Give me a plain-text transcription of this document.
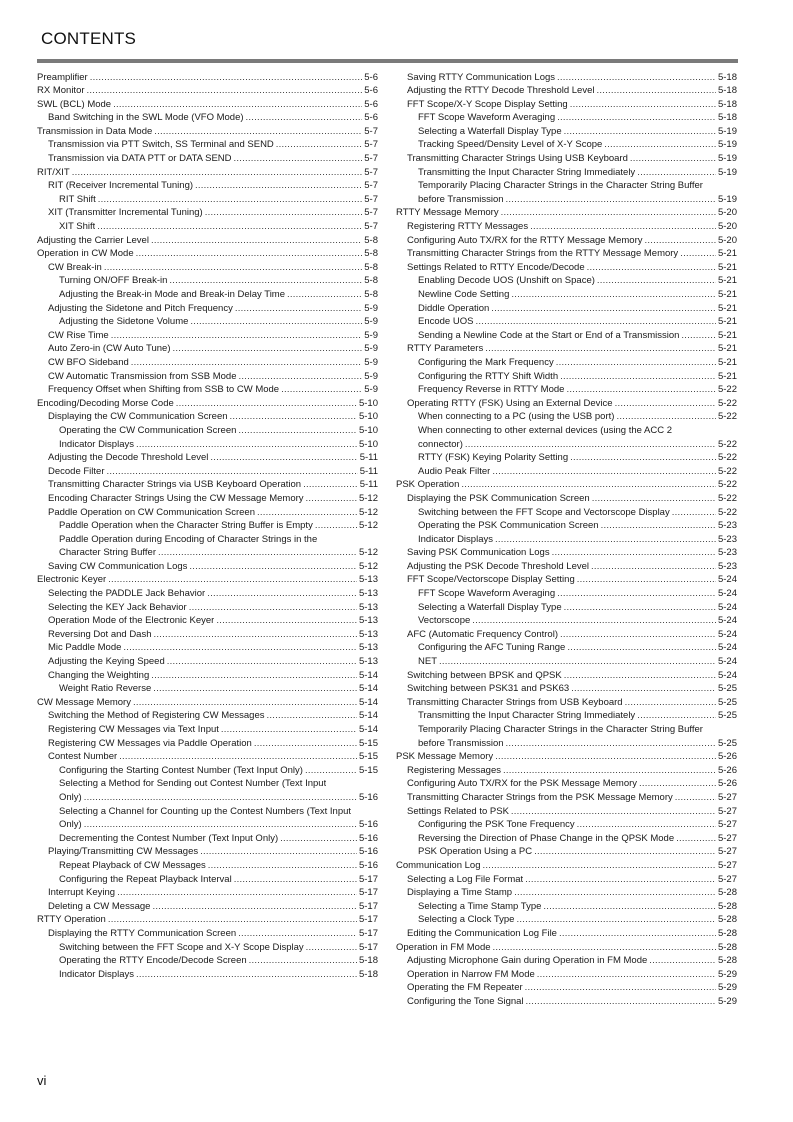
CONTENTS
Preamplifier . . .	5-6
RX Monitor . . .	5-6
SWL (BCL) Mode . . .	5-6
Band Switching in the SWL Mode (VFO Mode) . . .	5-6
Transmission in Data Mode . . .	5-7
Transmission via PTT Switch, SS Terminal and SEND . . .	5-7
Transmission via DATA PTT or DATA SEND . . .	5-7
RIT/XIT . . .	5-7
RIT (Receiver Incremental Tuning) . . .	5-7
RIT Shift . . .	5-7
XIT (Transmitter Incremental Tuning) . . .	5-7
XIT Shift . . .	5-7
Adjusting the Carrier Level . . .	5-8
Operation in CW Mode . . .	5-8
CW Break-in . . .	5-8
Turning ON/OFF Break-in . . .	5-8
Adjusting the Break-in Mode and Break-in Delay Time . . .	5-8
Adjusting the Sidetone and Pitch Frequency . . .	5-9
Adjusting the Sidetone Volume . . .	5-9
CW Rise Time . . .	5-9
Auto Zero-in (CW Auto Tune) . . .	5-9
CW BFO Sideband . . .	5-9
CW Automatic Transmission from SSB Mode . . .	5-9
Frequency Offset when Shifting from SSB to CW Mode . . .	5-9
Encoding/Decoding Morse Code . . .	5-10
Displaying the CW Communication Screen . . .	5-10
Operating the CW Communication Screen . . .	5-10
Indicator Displays . . .	5-10
Adjusting the Decode Threshold Level . . .	5-11
Decode Filter . . .	5-11
Transmitting Character Strings via USB Keyboard Operation . . .	5-11
Encoding Character Strings Using the CW Message Memory . . .	5-12
Paddle Operation on CW Communication Screen . . .	5-12
Paddle Operation when the Character String Buffer is Empty . . .	5-12
Paddle Operation during Encoding of Character Strings in the
Character String Buffer . . .	5-12
Saving CW Communication Logs . . .	5-12
Electronic Keyer . . .	5-13
Selecting the PADDLE Jack Behavior . . .	5-13
Selecting the KEY Jack Behavior . . .	5-13
Operation Mode of the Electronic Keyer . . .	5-13
Reversing Dot and Dash . . .	5-13
Mic Paddle Mode . . .	5-13
Adjusting the Keying Speed . . .	5-13
Changing the Weighting . . .	5-14
Weight Ratio Reverse . . .	5-14
CW Message Memory . . .	5-14
Switching the Method of Registering CW Messages . . .	5-14
Registering CW Messages via Text Input . . .	5-14
Registering CW Messages via Paddle Operation . . .	5-15
Contest Number . . .	5-15
Configuring the Starting Contest Number (Text Input Only) . . .	5-15
Selecting a Method for Sending out Contest Number (Text Input
Only) . . .	5-16
Selecting a Channel for Counting up the Contest Numbers (Text Input
Only) . . .	5-16
Decrementing the Contest Number (Text Input Only) . . .	5-16
Playing/Transmitting CW Messages . . .	5-16
Repeat Playback of CW Messages . . .	5-16
Configuring the Repeat Playback Interval . . .	5-17
Interrupt Keying . . .	5-17
Deleting a CW Message . . .	5-17
RTTY Operation . . .	5-17
Displaying the RTTY Communication Screen . . .	5-17
Switching between the FFT Scope and X-Y Scope Display . . .	5-17
Operating the RTTY Encode/Decode Screen . . .	5-18
Indicator Displays . . .	5-18
Saving RTTY Communication Logs . . .	5-18
Adjusting the RTTY Decode Threshold Level . . .	5-18
FFT Scope/X-Y Scope Display Setting . . .	5-18
FFT Scope Waveform Averaging . . .	5-18
Selecting a Waterfall Display Type . . .	5-19
Tracking Speed/Density Level of X-Y Scope . . .	5-19
Transmitting Character Strings Using USB Keyboard . . .	5-19
Transmitting the Input Character String Immediately . . .	5-19
Temporarily Placing Character Strings in the Character String Buffer
before Transmission . . .	5-19
RTTY Message Memory . . .	5-20
Registering RTTY Messages . . .	5-20
Configuring Auto TX/RX for the RTTY Message Memory . . .	5-20
Transmitting Character Strings from the RTTY Message Memory . . .	5-21
Settings Related to RTTY Encode/Decode . . .	5-21
Enabling Decode UOS (Unshift on Space) . . .	5-21
Newline Code Setting . . .	5-21
Diddle Operation . . .	5-21
Encode UOS . . .	5-21
Sending a Newline Code at the Start or End of a Transmission . . .	5-21
RTTY Parameters . . .	5-21
Configuring the Mark Frequency . . .	5-21
Configuring the RTTY Shift Width . . .	5-21
Frequency Reverse in RTTY Mode . . .	5-22
Operating RTTY (FSK) Using an External Device . . .	5-22
When connecting to a PC (using the USB port) . . .	5-22
When connecting to other external devices (using the ACC 2
connector) . . .	5-22
RTTY (FSK) Keying Polarity Setting . . .	5-22
Audio Peak Filter . . .	5-22
PSK Operation . . .	5-22
Displaying the PSK Communication Screen . . .	5-22
Switching between the FFT Scope and Vectorscope Display . . .	5-22
Operating the PSK Communication Screen . . .	5-23
Indicator Displays . . .	5-23
Saving PSK Communication Logs . . .	5-23
Adjusting the PSK Decode Threshold Level . . .	5-23
FFT Scope/Vectorscope Display Setting . . .	5-24
FFT Scope Waveform Averaging . . .	5-24
Selecting a Waterfall Display Type . . .	5-24
Vectorscope . . .	5-24
AFC (Automatic Frequency Control) . . .	5-24
Configuring the AFC Tuning Range . . .	5-24
NET . . .	5-24
Switching between BPSK and QPSK . . .	5-24
Switching between PSK31 and PSK63 . . .	5-25
Transmitting Character Strings from USB Keyboard . . .	5-25
Transmitting the Input Character String Immediately . . .	5-25
Temporarily Placing Character Strings in the Character String Buffer
before Transmission . . .	5-25
PSK Message Memory . . .	5-26
Registering Messages . . .	5-26
Configuring Auto TX/RX for the PSK Message Memory . . .	5-26
Transmitting Character Strings from the PSK Message Memory . . .	5-27
Settings Related to PSK . . .	5-27
Configuring the PSK Tone Frequency . . .	5-27
Reversing the Direction of Phase Change in the QPSK Mode . . .	5-27
PSK Operation Using a PC . . .	5-27
Communication Log . . .	5-27
Selecting a Log File Format . . .	5-27
Displaying a Time Stamp . . .	5-28
Selecting a Time Stamp Type . . .	5-28
Selecting a Clock Type . . .	5-28
Editing the Communication Log File . . .	5-28
Operation in FM Mode . . .	5-28
Adjusting Microphone Gain during Operation in FM Mode . . .	5-28
Operation in Narrow FM Mode . . .	5-29
Operating the FM Repeater . . .	5-29
Configuring the Tone Signal . . .	5-29
vi
